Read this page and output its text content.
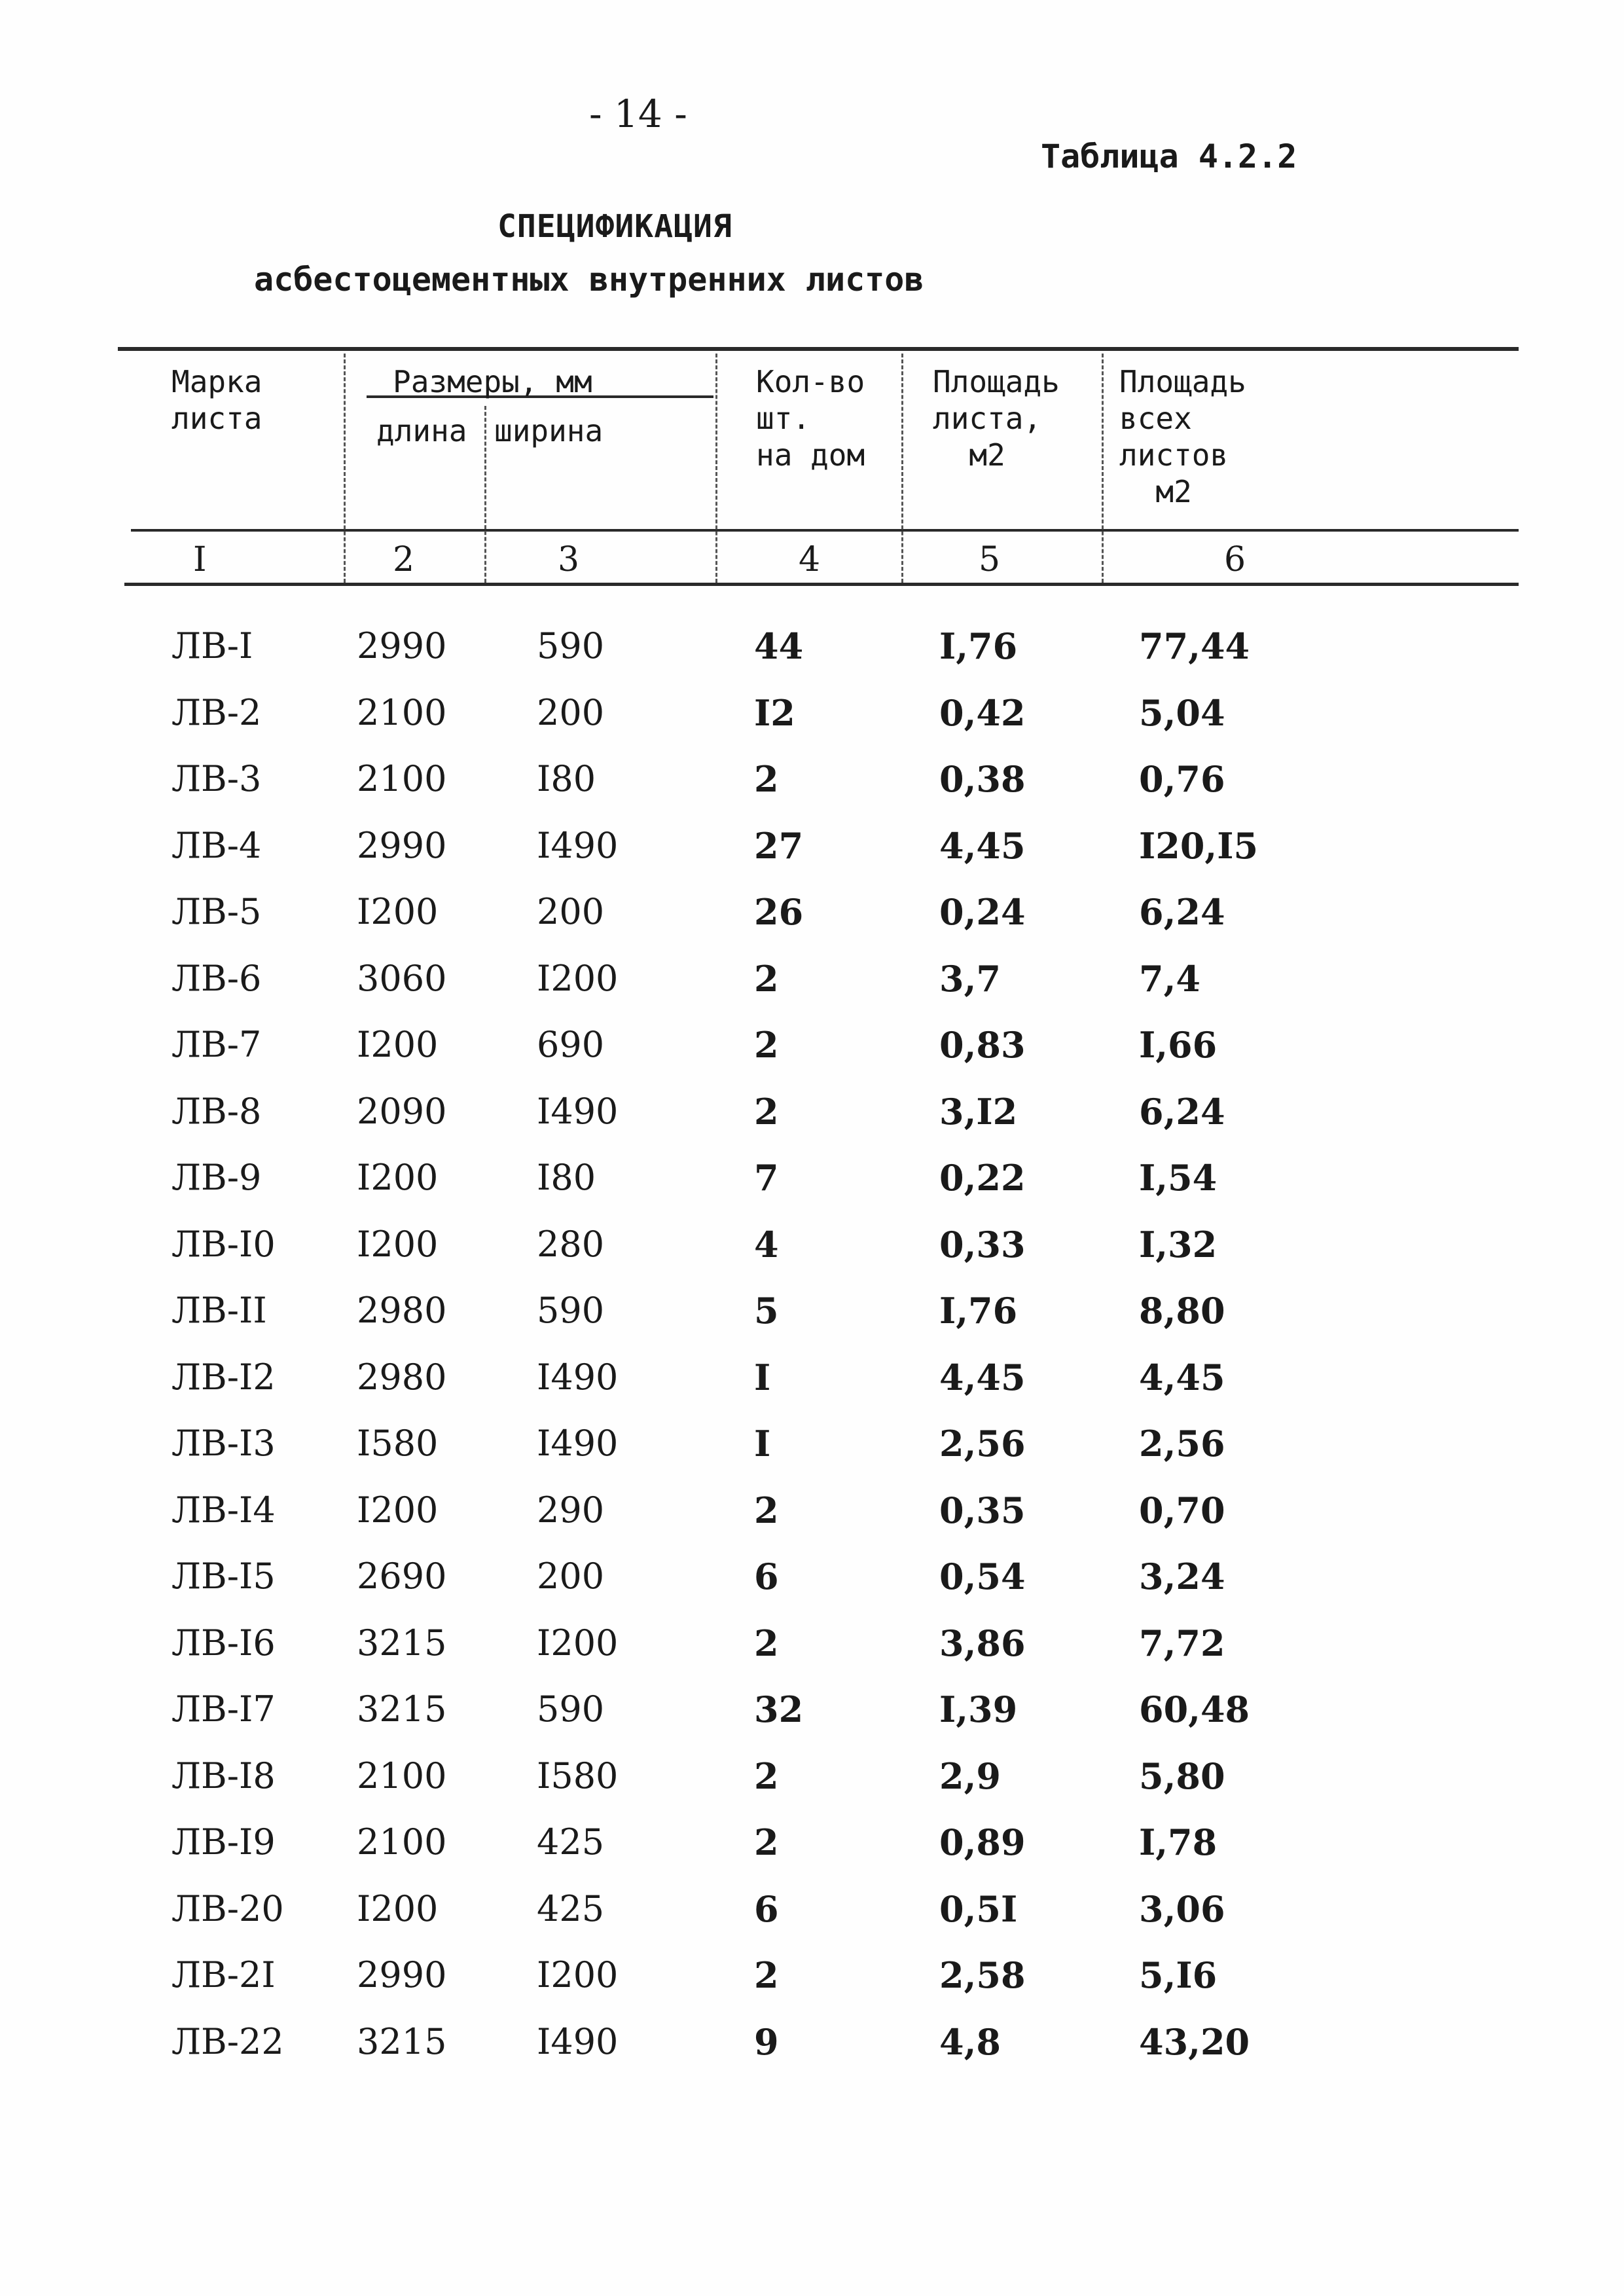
- 14 -
Таблица 4.2.2
СПЕЦИФИКАЦИЯ
асбестоцементных внутренних листов
Марка
листа
Размеры, мм
длина ширина
Кол-во
шт.
на дом
Площадь
листа,
м2
Площадь
всех
листов
м2
I	2	3	4	5	6
ЛВ-I	2990	590	44	I,76	77,44
ЛВ-2	2100	200	I2	0,42	5,04
ЛВ-3	2100	I80	2	0,38	0,76
ЛВ-4	2990	I490	27	4,45	I20,I5
ЛВ-5	I200	200	26	0,24	6,24
ЛВ-6	3060	I200	2	3,7	7,4
ЛВ-7	I200	690	2	0,83	I,66
ЛВ-8	2090	I490	2	3,I2	6,24
ЛВ-9	I200	I80	7	0,22	I,54
ЛВ-I0 I200	280	4	0,33	I,32
ЛВ-II	2980	590	5	I,76	8,80
ЛВ-I2 2980	I490	I	4,45	4,45
ЛВ-I3 I580	I490	I	2,56	2,56
ЛВ-I4 I200	290	2	0,35	0,70
ЛВ-I5 2690	200	6	0,54	3,24
ЛВ-I6 3215	I200	2	3,86	7,72
ЛВ-I7 3215	590	32	I,39	60,48
ЛВ-I8 2100	I580	2	2,9	5,80
ЛВ-I9 2100	425	2	0,89	I,78
ЛВ-20 I200	425	6	0,5I	3,06
ЛВ-2I 2990	I200	2	2,58	5,I6
ЛВ-22 3215	I490	9	4,8	43,20
